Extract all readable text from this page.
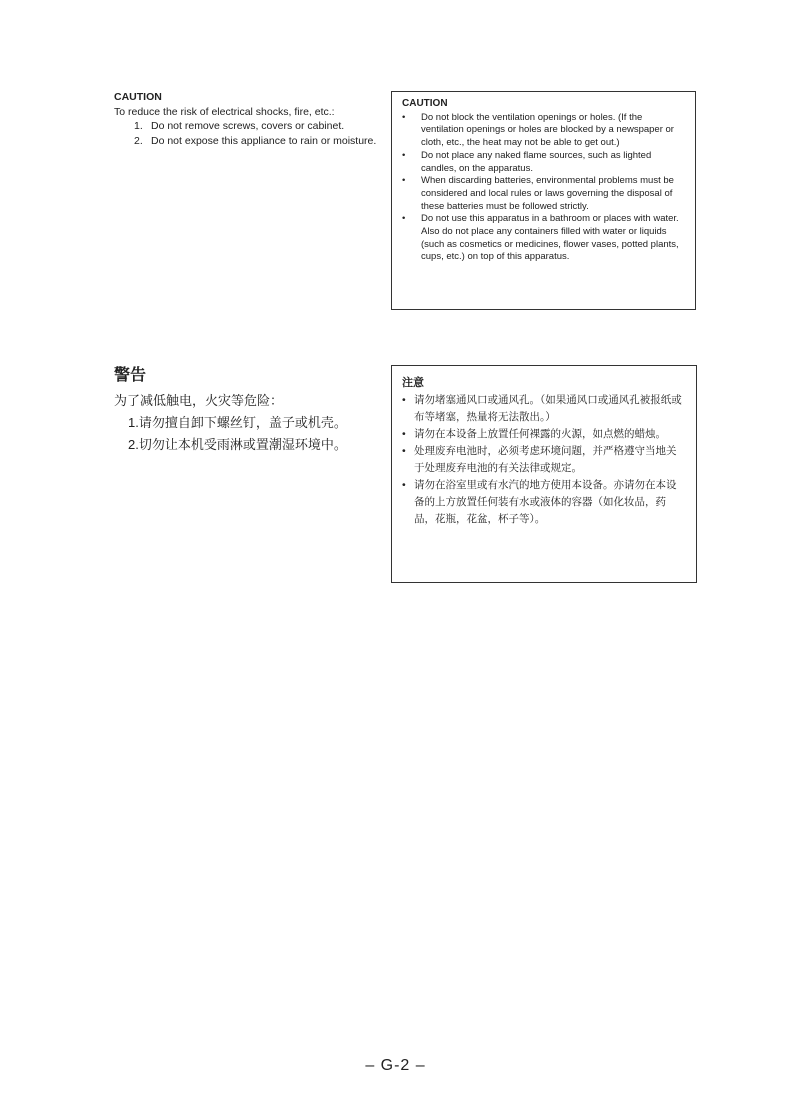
CAUTION
To reduce the risk of electrical shocks, fire, etc.:
1. Do not remove screws, covers or cabinet.
2. Do not expose this appliance to rain or moisture.
CAUTION
• Do not block the ventilation openings or holes. (If the ventilation openings or holes are blocked by a newspaper or cloth, etc., the heat may not be able to get out.)
• Do not place any naked flame sources, such as lighted candles, on the apparatus.
• When discarding batteries, environmental problems must be considered and local rules or laws governing the disposal of these batteries must be followed strictly.
• Do not use this apparatus in a bathroom or places with water. Also do not place any containers filled with water or liquids (such as cosmetics or medicines, flower vases, potted plants, cups, etc.) on top of this apparatus.
警告
为了减低触电，火灾等危险：
1.请勿擅自卸下螺丝钉，盖子或机壳。
2.切勿让本机受雨淋或置潮湿环境中。
注意
• 请勿堵塞通风口或通风孔。（如果通风口或通风孔被报纸或布等堵塞，热量将无法散出。）
• 请勿在本设备上放置任何裸露的火源，如点燃的蜡烛。
• 处理废弃电池时，必须考虑环境问题，并严格遵守当地关于处理废弃电池的有关法律或规定。
• 请勿在浴室里或有水汽的地方使用本设备。亦请勿在本设备的上方放置任何装有水或液体的容器（如化妆品，药品，花瓶，花盆，杯子等）。
– G-2 –
